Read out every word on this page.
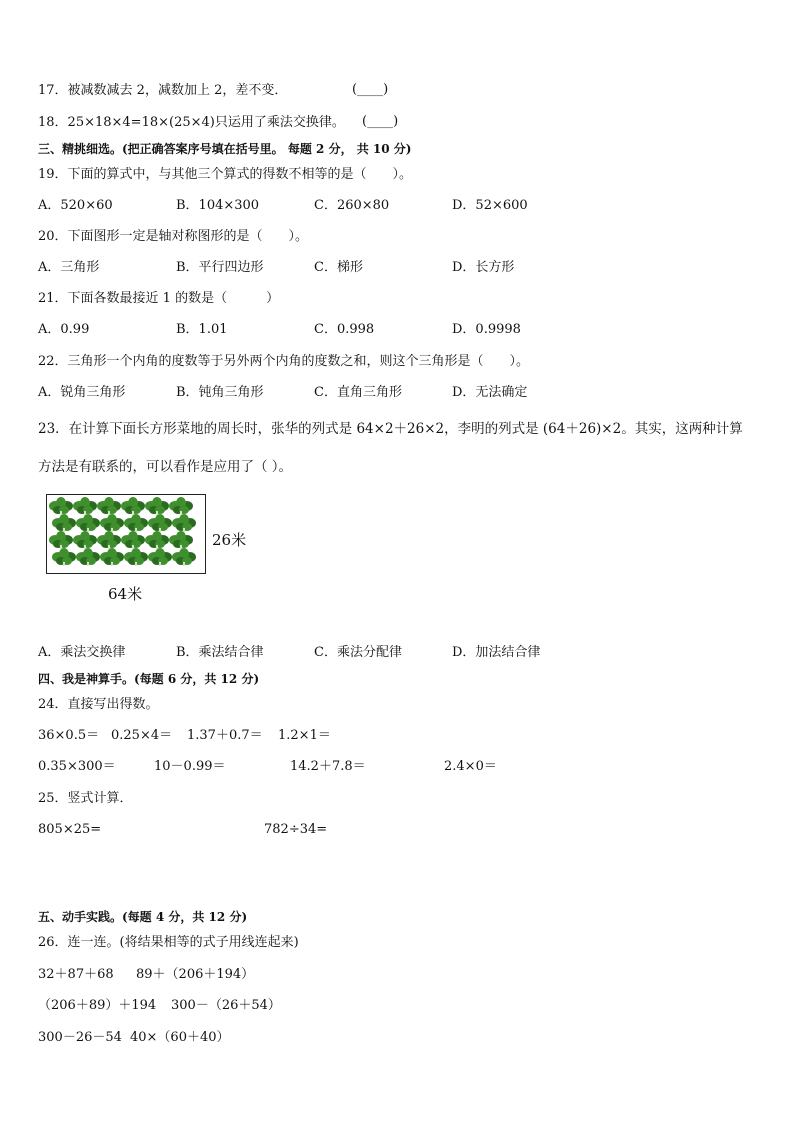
17．被减数减去 2，减数加上 2，差不变．	(____)
18．25×18×4=18×(25×4)只运用了乘法交换律。 (____)
三、精挑细选。(把正确答案序号填在括号里。 每题 2 分， 共 10 分)
19．下面的算式中，与其他三个算式的得数不相等的是（　　）。
A．520×60	B．104×300	C．260×80	D．52×600
20．下面图形一定是轴对称图形的是（　　）。
A．三角形	B．平行四边形	C．梯形	D．长方形
21．下面各数最接近 1 的数是（　　　）
A．0.99	B．1.01	C．0.998	D．0.9998
22．三角形一个内角的度数等于另外两个内角的度数之和，则这个三角形是（　　）。
A．锐角三角形	B．钝角三角形	C．直角三角形	D．无法确定
23．在计算下面长方形菜地的周长时，张华的列式是 64×2＋26×2，李明的列式是 (64＋26)×2。其实，这两种计算
方法是有联系的，可以看作是应用了（ ）。
26米
64米
A．乘法交换律	B．乘法结合律	C．乘法分配律	D．加法结合律
四、我是神算手。(每题 6 分，共 12 分)
24．直接写出得数。
36×0.5＝ 0.25×4＝ 1.37＋0.7＝ 1.2×1＝
0.35×300＝	10－0.99＝	14.2＋7.8＝	2.4×0＝
25．竖式计算．
805×25=	782÷34=
五、动手实践。(每题 4 分，共 12 分)
26．连一连。(将结果相等的式子用线连起来)
32＋87＋68 89＋（206＋194）
（206＋89）＋194 300－（26＋54）
300－26－54 40×（60＋40）
